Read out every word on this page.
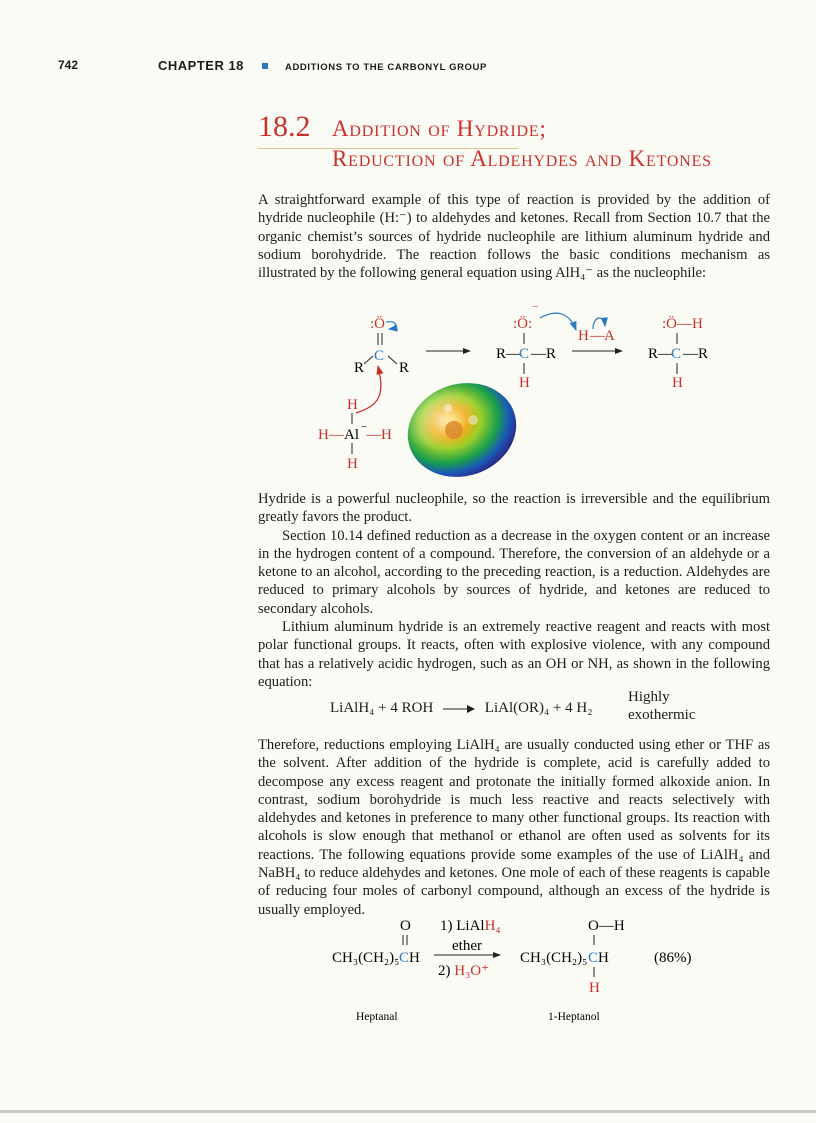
742	CHAPTER 18	ADDITIONS TO THE CARBONYL GROUP
18.2 Addition of Hydride;
Reduction of Aldehydes and Ketones

A straightforward example of this type of reaction is provided by the addition of hydride nucleophile (H:⁻) to aldehydes and ketones. Recall from Section 10.7 that the organic chemist’s sources of hydride nucleophile are lithium aluminum hydride and sodium borohydride. The reaction follows the basic conditions mechanism as illustrated by the following general equation using AlH₄⁻ as the nucleophile:

:Ö
C
R R
H
H— Al −
—H
H
:Ö:
−
R—
C —R
H
H — A
:Ö—H
R—
C —R
H

Hydride is a powerful nucleophile, so the reaction is irreversible and the equilibrium greatly favors the product.

Section 10.14 defined reduction as a decrease in the oxygen content or an increase in the hydrogen content of a compound. Therefore, the conversion of an aldehyde or a ketone to an alcohol, according to the preceding reaction, is a reduction. Aldehydes are reduced to primary alcohols by sources of hydride, and ketones are reduced to secondary alcohols.

Lithium aluminum hydride is an extremely reactive reagent and reacts with most polar functional groups. It reacts, often with explosive violence, with any compound that has a relatively acidic hydrogen, such as an OH or NH, as shown in the following equation:

LiAlH₄ + 4 ROH	LiAl(OR)₄ + 4 H₂
Highly
exothermic

Therefore, reductions employing LiAlH₄ are usually conducted using ether or THF as the solvent. After addition of the hydride is complete, acid is carefully added to decompose any excess reagent and protonate the initially formed alkoxide anion. In contrast, sodium borohydride is much less reactive and reacts selectively with aldehydes and ketones in preference to many other functional groups. Its reaction with alcohols is slow enough that methanol or ethanol are often used as solvents for its reactions. The following equations provide some examples of the use of LiAlH₄ and NaBH₄ to reduce aldehydes and ketones. One mole of each of these reagents is capable of reducing four moles of carbonyl compound, although an excess of the hydride is usually employed.

O
CH₃(CH₂)₅ C H
1) LiAlH₄
ether
2) H₃O⁺
O—H
CH₃(CH₂)₅ C H
H
(86%)
Heptanal	1-Heptanol
